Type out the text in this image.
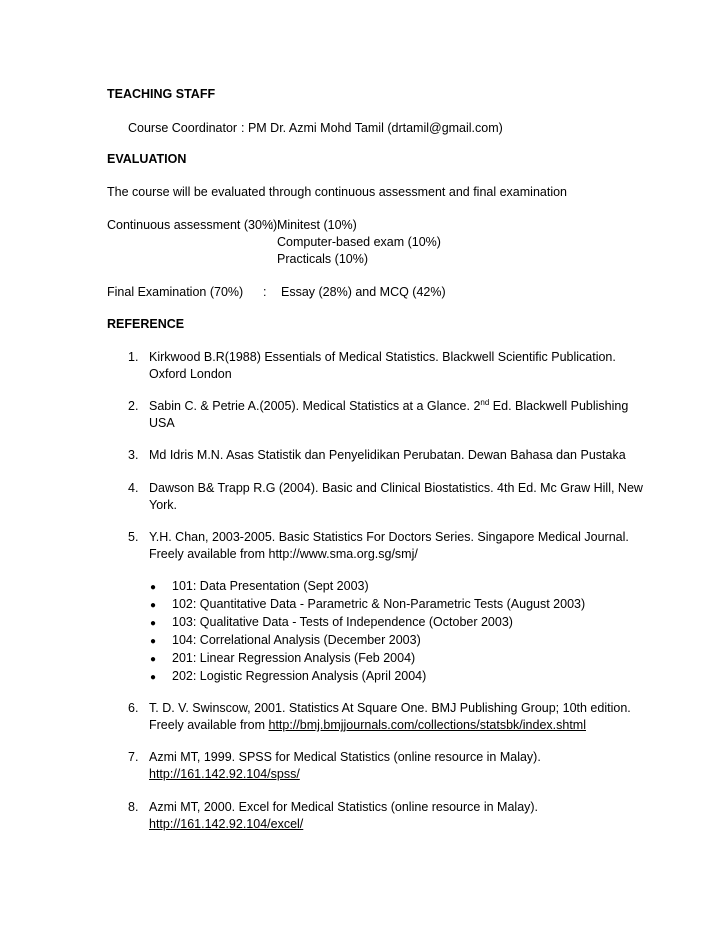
TEACHING STAFF
Course Coordinator : PM Dr. Azmi Mohd Tamil (drtamil@gmail.com)
EVALUATION
The course will be evaluated through continuous assessment and final examination
Continuous assessment (30%)
: Minitest (10%)
Computer-based exam (10%)
Practicals (10%)
Final Examination (70%) : Essay (28%) and MCQ (42%)
REFERENCE
1. Kirkwood B.R(1988) Essentials of Medical Statistics. Blackwell Scientific Publication.
Oxford London
2. Sabin C. & Petrie A.(2005). Medical Statistics at a Glance. 2nd Ed. Blackwell Publishing
USA
3. Md Idris M.N. Asas Statistik dan Penyelidikan Perubatan. Dewan Bahasa dan Pustaka
4. Dawson B& Trapp R.G (2004). Basic and Clinical Biostatistics. 4th Ed. Mc Graw Hill, New
York.
5. Y.H. Chan, 2003-2005. Basic Statistics For Doctors Series. Singapore Medical Journal.
Freely available from http://www.sma.org.sg/smj/
● 101: Data Presentation (Sept 2003)
● 102: Quantitative Data - Parametric & Non-Parametric Tests (August 2003)
● 103: Qualitative Data - Tests of Independence (October 2003)
● 104: Correlational Analysis (December 2003)
● 201: Linear Regression Analysis (Feb 2004)
● 202: Logistic Regression Analysis (April 2004)
6. T. D. V. Swinscow, 2001. Statistics At Square One. BMJ Publishing Group; 10th edition.
Freely available from http://bmj.bmjjournals.com/collections/statsbk/index.shtml
7. Azmi MT, 1999. SPSS for Medical Statistics (online resource in Malay).
http://161.142.92.104/spss/
8. Azmi MT, 2000. Excel for Medical Statistics (online resource in Malay).
http://161.142.92.104/excel/
